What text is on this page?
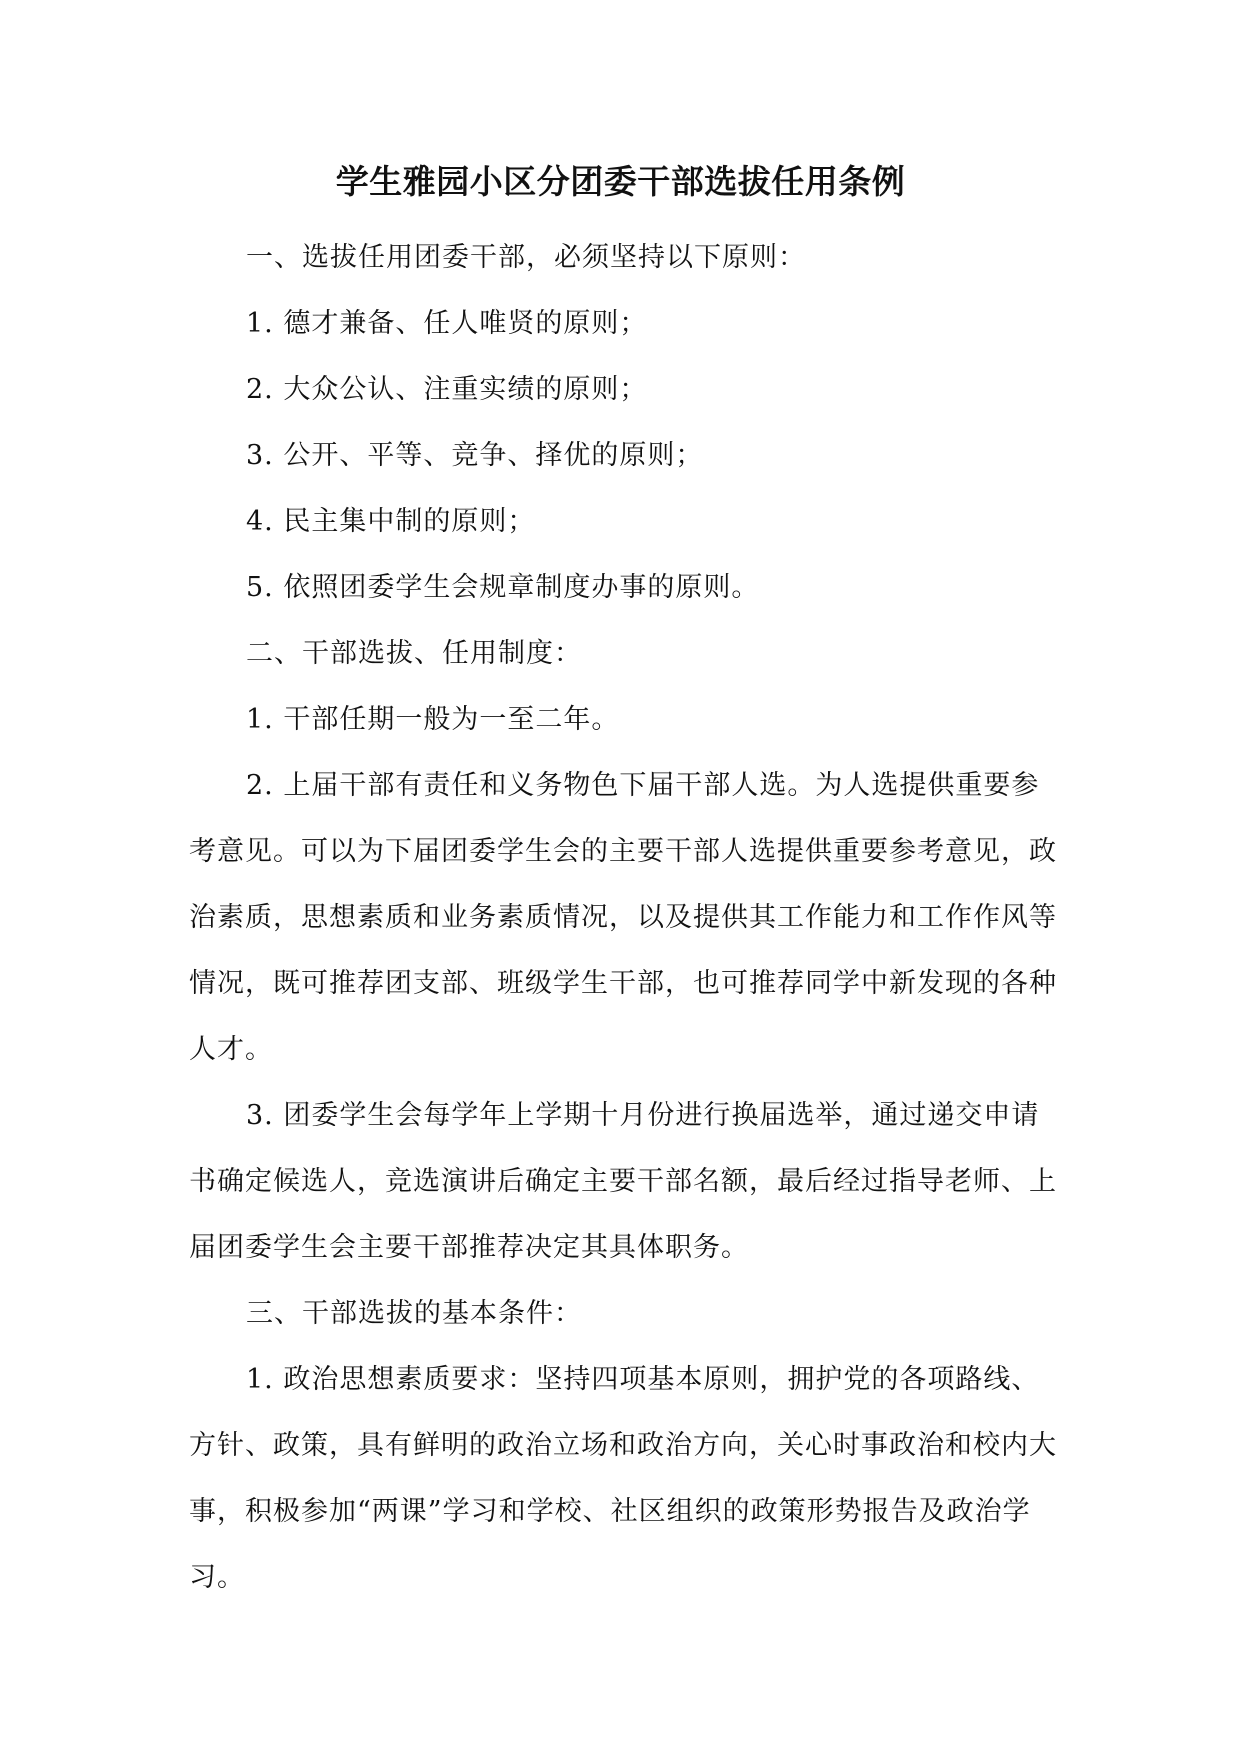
学生雅园小区分团委干部选拔任用条例

一、选拔任用团委干部，必须坚持以下原则：

1. 德才兼备、任人唯贤的原则；

2. 大众公认、注重实绩的原则；

3. 公开、平等、竞争、择优的原则；

4. 民主集中制的原则；

5. 依照团委学生会规章制度办事的原则。

二、干部选拔、任用制度：

1. 干部任期一般为一至二年。

2. 上届干部有责任和义务物色下届干部人选。为人选提供重要参考意见。可以为下届团委学生会的主要干部人选提供重要参考意见，政治素质，思想素质和业务素质情况，以及提供其工作能力和工作作风等情况，既可推荐团支部、班级学生干部，也可推荐同学中新发现的各种人才。

3. 团委学生会每学年上学期十月份进行换届选举，通过递交申请书确定候选人，竞选演讲后确定主要干部名额，最后经过指导老师、上届团委学生会主要干部推荐决定其具体职务。

三、干部选拔的基本条件：

1. 政治思想素质要求：坚持四项基本原则，拥护党的各项路线、方针、政策，具有鲜明的政治立场和政治方向，关心时事政治和校内大事，积极参加“两课”学习和学校、社区组织的政策形势报告及政治学习。
